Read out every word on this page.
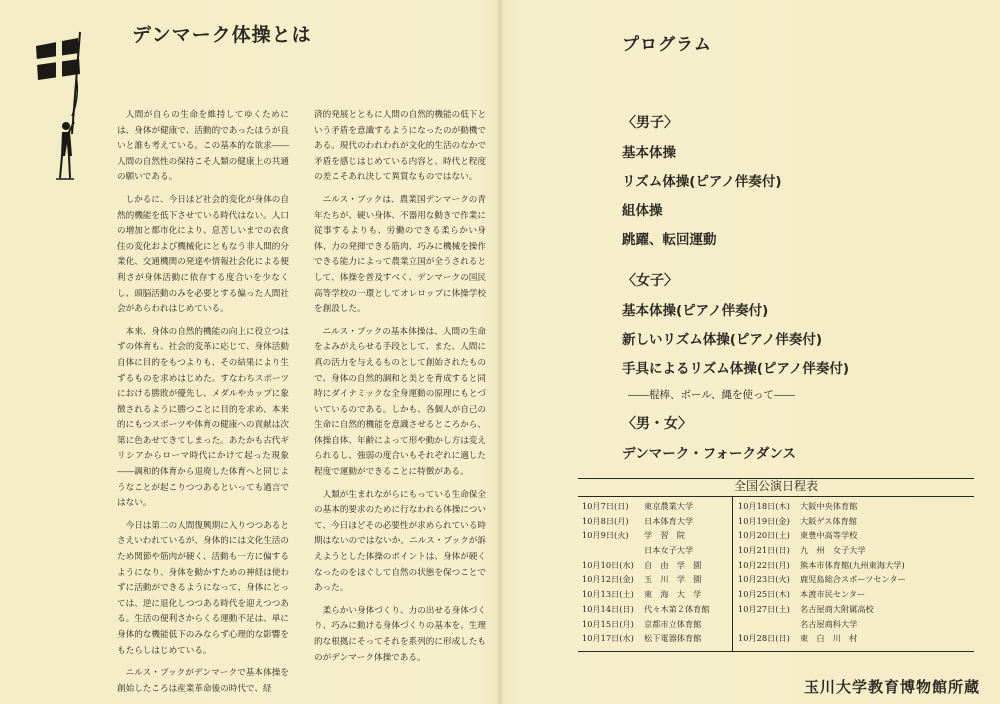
デンマーク体操とは

人間が自らの生命を維持してゆくためには、身体が健康で、活動的であったほうが良いと誰も考えている。この基本的な欲求――人間の自然性の保持こそ人類の健康上の共通の願いである。

しかるに、今日ほど社会的変化が身体の自然的機能を低下させている時代はない。人口の増加と都市化により、息苦しいまでの衣食住の変化および機械化にともなう非人間的分業化、交通機関の発達や情報社会化による便利さが身体活動に依存する度合いを少なくし、頭脳活動のみを必要とする偏った人間社会があらわれはじめている。

本来、身体の自然的機能の向上に役立つはずの体育も、社会的変革に応じて、身体活動自体に目的をもつよりも、その結果により生ずるものを求めはじめた。すなわちスポーツにおける勝敗が優先し、メダルやカップに象徴されるように勝つことに目的を求め、本来的にもつスポーツや体育の健康への貢献は次第に色あせてきてしまった。あたかも古代ギリシアからローマ時代にかけて起った現象――調和的体育から退廃した体育へと同じようなことが起こりつつあるといっても過言ではない。

今日は第二の人間復興期に入りつつあるとさえいわれているが、身体的には文化生活のため関節や筋肉が硬く、活動も一方に偏するようになり、身体を動かすための神経は使わずに活動ができるようになって、身体にとっては、逆に退化しつつある時代を迎えつつある。生活の便利さからくる運動不足は、単に身体的な機能低下のみならず心理的な影響をもたらしはじめている。

ニルス・ブックがデンマークで基本体操を創始したころは産業革命後の時代で、経

済的発展とともに人間の自然的機能の低下という矛盾を意識するようになったのが動機である。現代のわれわれが文化的生活のなかで矛盾を感じはじめている内容と、時代と程度の差こそあれ決して異質なものではない。

ニルス・ブックは、農業国デンマークの青年たちが、硬い身体、不器用な動きで作業に従事するよりも、労働のできる柔らかい身体、力の発揮できる筋肉、巧みに機械を操作できる能力によって農業立国が全うされるとして、体操を普及すべく、デンマークの国民高等学校の一環としてオレロップに体操学校を創設した。

ニルス・ブックの基本体操は、人間の生命をよみがえらせる手段として、また、人間に真の活力を与えるものとして創始されたもので、身体の自然的調和と美とを育成すると同時にダイナミックな全身運動の原理にもとづいているのである。しかも、各個人が自己の生命に自然的機能を意識させるところから、体操自体、年齢によって形や動かし方は変えられるし、強弱の度合いもそれぞれに適した程度で運動ができることに特徴がある。

人類が生まれながらにもっている生命保全の基本的要求のために行なわれる体操について、今日ほどその必要性が求められている時期はないのではないか。ニルス・ブックが訴えようとした体操のポイントは、身体が硬くなったのをほぐして自然の状態を保つことであった。

柔らかい身体づくり、力の出せる身体づくり、巧みに動ける身体づくりの基本を、生理的な根拠にそってそれを系列的に形成したものがデンマーク体操である。

プログラム
〈男子〉
基本体操
リズム体操(ピアノ伴奏付)
組体操
跳躍、転回運動
〈女子〉
基本体操(ピアノ伴奏付)
新しいリズム体操(ピアノ伴奏付)
手具によるリズム体操(ピアノ伴奏付)
――棍棒、ボール、縄を使って――
〈男・女〉
デンマーク・フォークダンス
全国公演日程表
10月7日(日) 東京農業大学
10月8日(月) 日本体育大学
10月9日(火) 学　習　院
日本女子大学
10月10日(水) 自　由　学　園
10月12日(金) 玉　川　学　園
10月13日(土) 東　海　大　学
10月14日(日) 代々木第２体育館
10月15日(月) 京都市立体育館
10月17日(水) 松下電器体育館
10月18日(木) 大阪中央体育館
10月19日(金) 大阪ゲス体育館
10月20日(土) 東豊中高等学校
10月21日(日) 九　州　女子大学
10月22日(月) 熊本市体育館(九州東海大学)
10月23日(火) 鹿児島総合スポーツセンター
10月25日(木) 本渡市民センター
10月27日(土) 名古屋商大附属高校
名古屋商科大学
10月28日(日) 東　白　川　村
玉川大学教育博物館所蔵
